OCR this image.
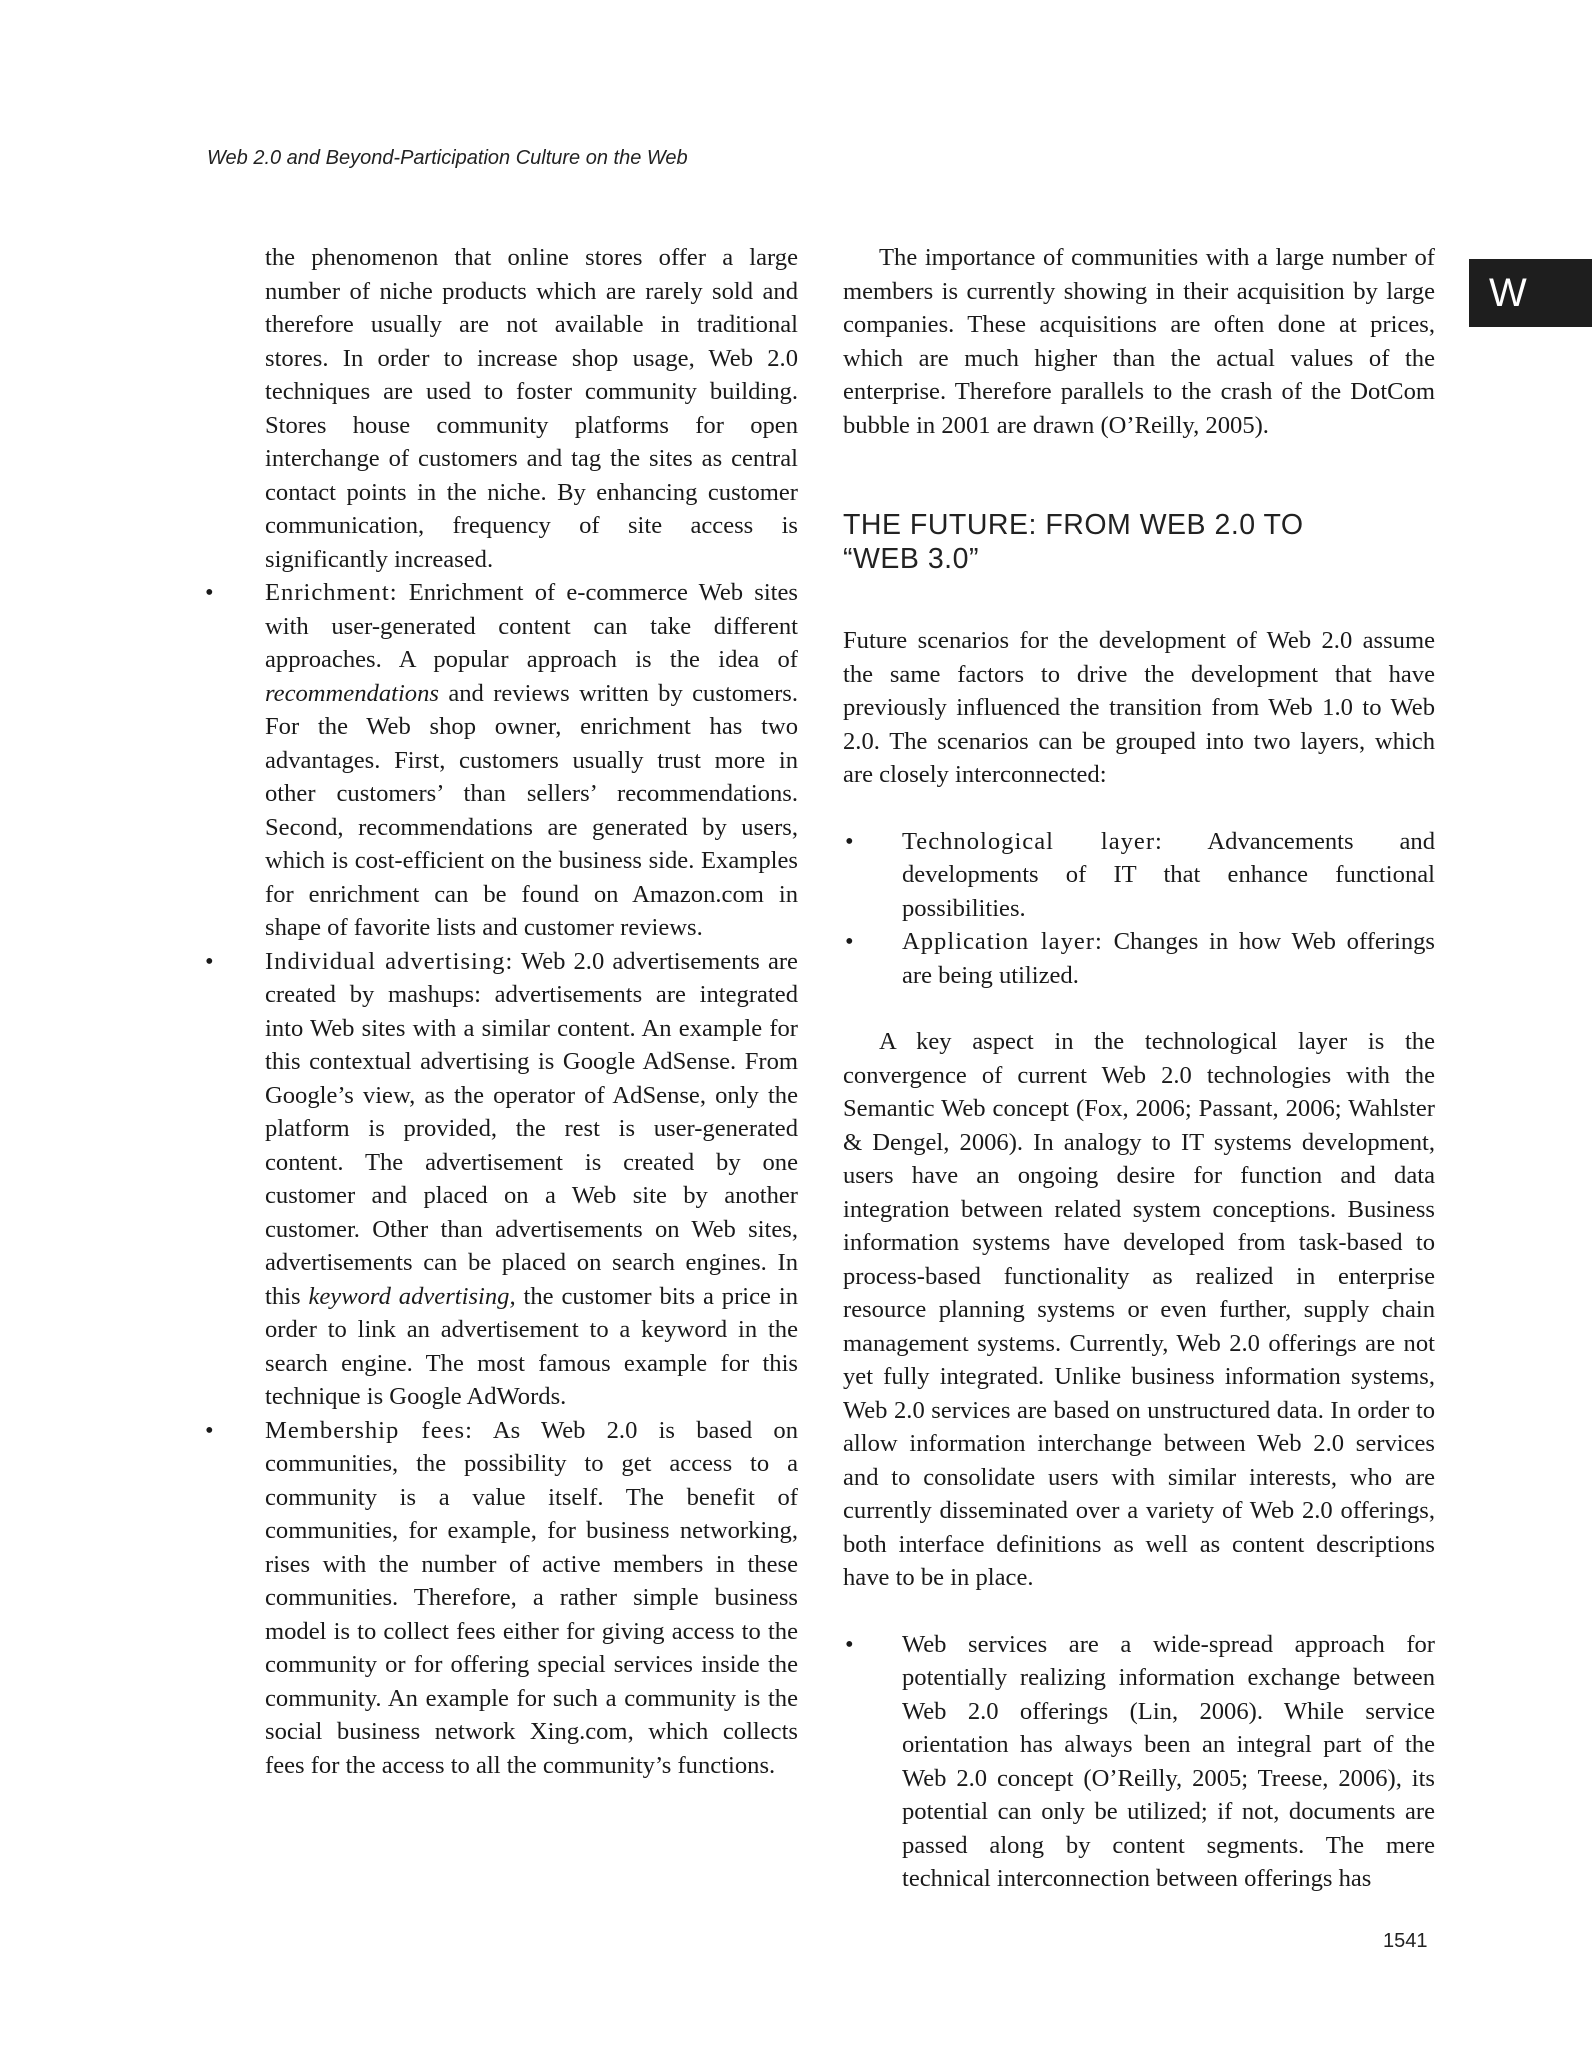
Web 2.0 and Beyond-Participation Culture on the Web
W

the phenomenon that online stores offer a large number of niche products which are rarely sold and therefore usually are not available in traditional stores. In order to increase shop usage, Web 2.0 techniques are used to foster community building. Stores house community platforms for open interchange of customers and tag the sites as central contact points in the niche. By enhancing customer communication, frequency of site access is significantly increased.

• Enrichment: Enrichment of e-commerce Web sites with user-generated content can take different approaches. A popular approach is the idea of recommendations and reviews written by customers. For the Web shop owner, enrichment has two advantages. First, customers usually trust more in other customers’ than sellers’ recommendations. Second, recommendations are generated by users, which is cost-efficient on the business side. Examples for enrichment can be found on Amazon.com in shape of favorite lists and customer reviews.
• Individual advertising: Web 2.0 advertisements are created by mashups: advertisements are integrated into Web sites with a similar content. An example for this contextual advertising is Google AdSense. From Google’s view, as the operator of AdSense, only the platform is provided, the rest is user-generated content. The advertisement is created by one customer and placed on a Web site by another customer. Other than advertisements on Web sites, advertisements can be placed on search engines. In this keyword advertising, the customer bits a price in order to link an advertisement to a keyword in the search engine. The most famous example for this technique is Google AdWords.
• Membership fees: As Web 2.0 is based on communities, the possibility to get access to a community is a value itself. The benefit of communities, for example, for business networking, rises with the number of active members in these communities. Therefore, a rather simple business model is to collect fees either for giving access to the community or for offering special services inside the community. An example for such a community is the social business network Xing.com, which collects fees for the access to all the community’s functions.

The importance of communities with a large number of members is currently showing in their acquisition by large companies. These acquisitions are often done at prices, which are much higher than the actual values of the enterprise. Therefore parallels to the crash of the DotCom bubble in 2001 are drawn (O’Reilly, 2005).

THE FUTURE: FROM WEB 2.0 TO
“WEB 3.0”

Future scenarios for the development of Web 2.0 assume the same factors to drive the development that have previously influenced the transition from Web 1.0 to Web 2.0. The scenarios can be grouped into two layers, which are closely interconnected:

• Technological layer: Advancements and developments of IT that enhance functional possibilities.
• Application layer: Changes in how Web offerings are being utilized.

A key aspect in the technological layer is the convergence of current Web 2.0 technologies with the Semantic Web concept (Fox, 2006; Passant, 2006; Wahlster & Dengel, 2006). In analogy to IT systems development, users have an ongoing desire for function and data integration between related system conceptions. Business information systems have developed from task-based to process-based functionality as realized in enterprise resource planning systems or even further, supply chain management systems. Currently, Web 2.0 offerings are not yet fully integrated. Unlike business information systems, Web 2.0 services are based on unstructured data. In order to allow information interchange between Web 2.0 services and to consolidate users with similar interests, who are currently disseminated over a variety of Web 2.0 offerings, both interface definitions as well as content descriptions have to be in place.

• Web services are a wide-spread approach for potentially realizing information exchange between Web 2.0 offerings (Lin, 2006). While service orientation has always been an integral part of the Web 2.0 concept (O’Reilly, 2005; Treese, 2006), its potential can only be utilized; if not, documents are passed along by content segments. The mere technical interconnection between offerings has
1541
